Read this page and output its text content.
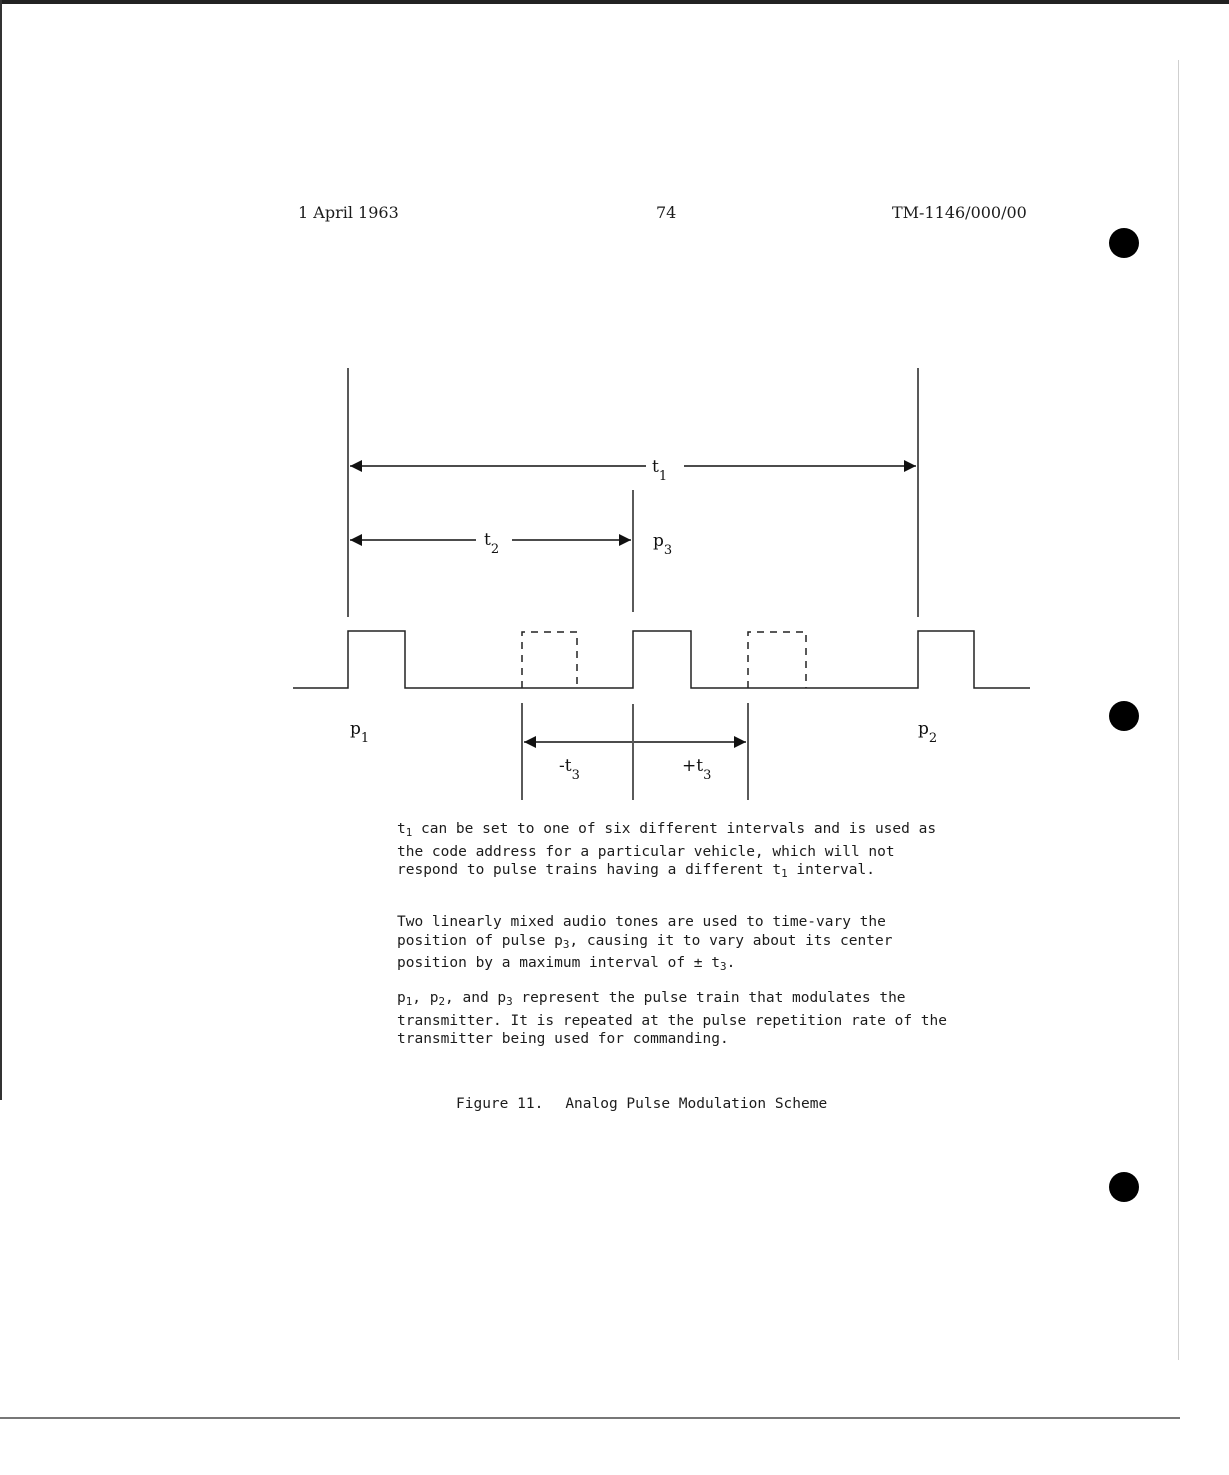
1 April 1963	74	TM-1146/000/00
$t_1$
$t_2$	$p_3$
$p_1$	$p_2$
$-t_3$	$+t_3$

$t_1$ can be set to one of six different intervals and is used as the code address for a particular vehicle, which will not respond to pulse trains having a different $t_1$ interval.

Two linearly mixed audio tones are used to time-vary the position of pulse $p_3$, causing it to vary about its center position by a maximum interval of ± $t_3$.

$p_1$, $p_2$, and $p_3$ represent the pulse train that modulates the transmitter. It is repeated at the pulse repetition rate of the transmitter being used for commanding.

Figure 11. Analog Pulse Modulation Scheme
